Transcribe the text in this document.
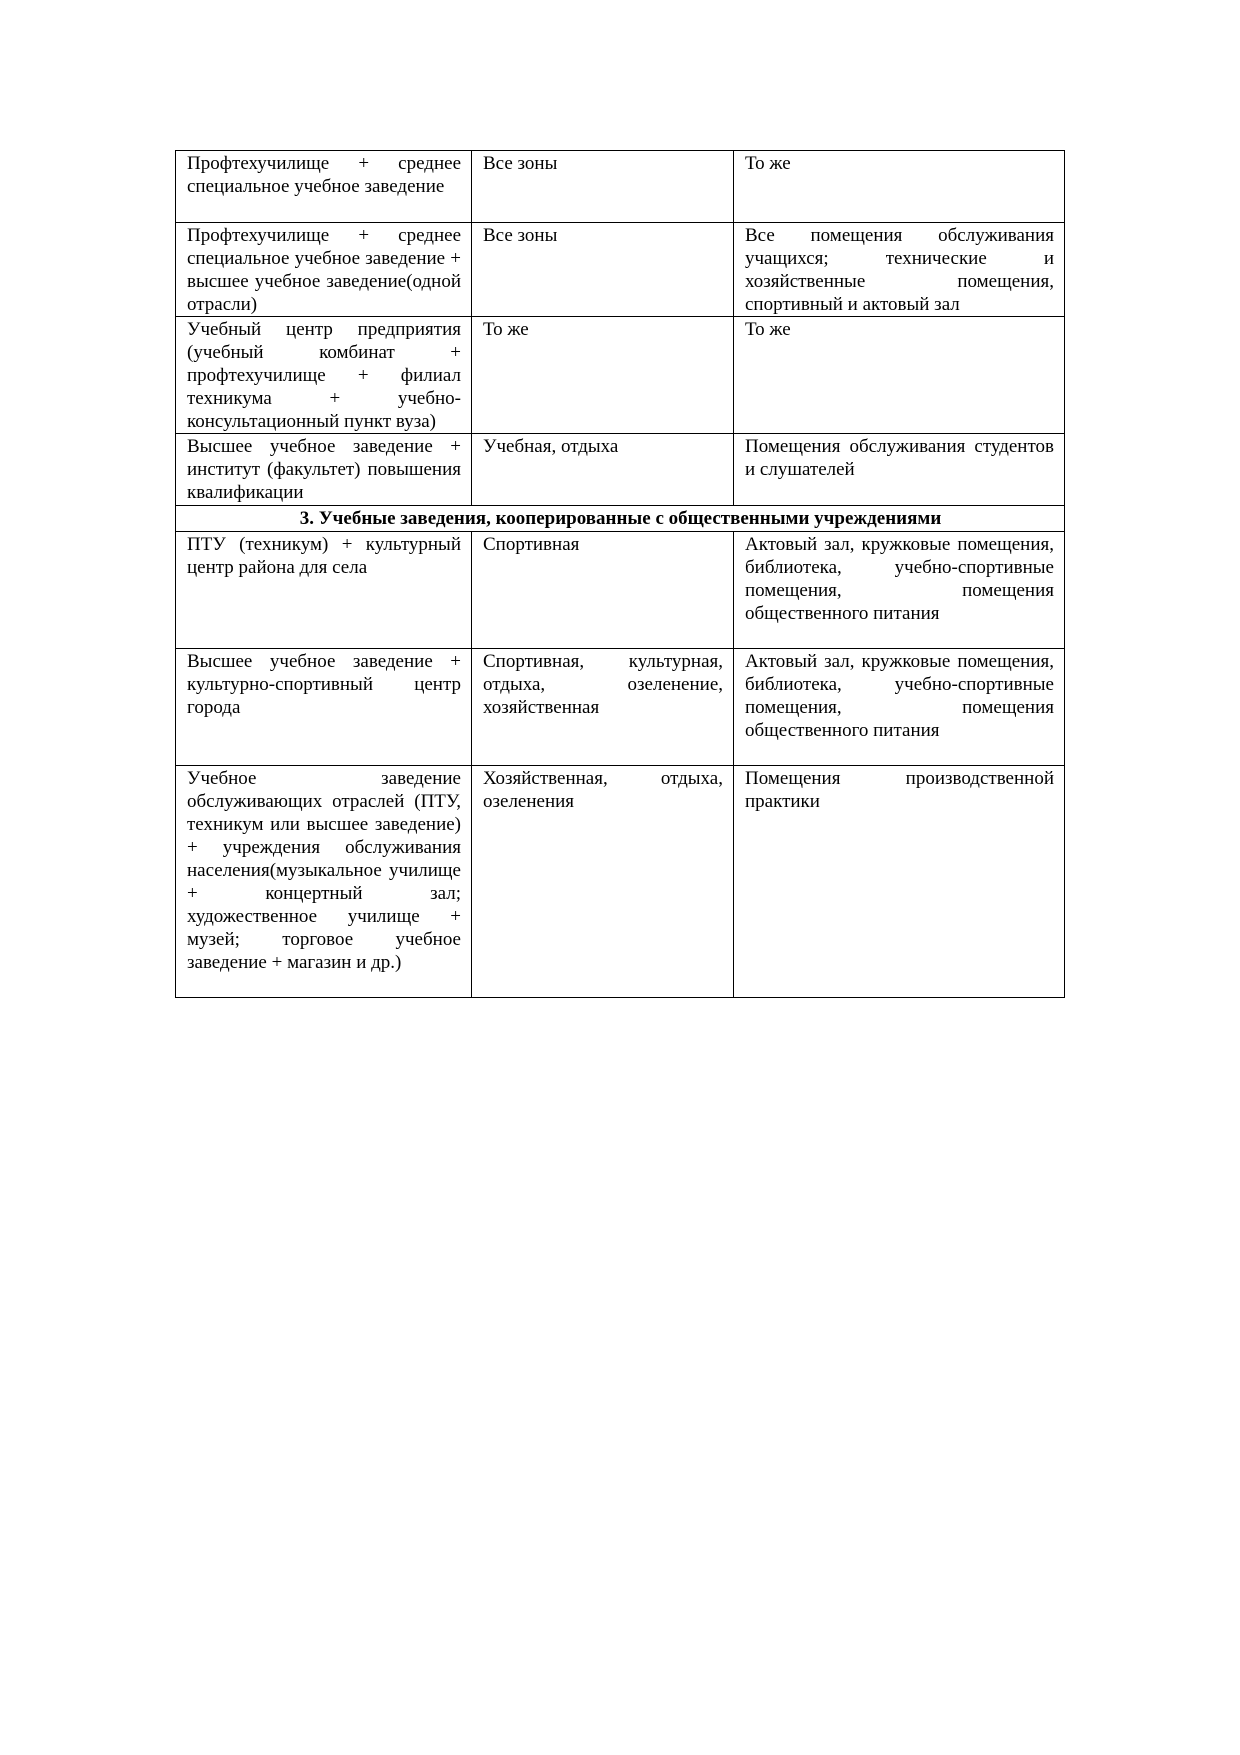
Профтехучилище + среднее специальное учебное заведение	Все зоны	То же
Профтехучилище + среднее специальное учебное заведение + высшее учебное заведение(одной отрасли)	Все зоны	Все помещения обслуживания учащихся; технические и хозяйственные помещения, спортивный и актовый зал
Учебный центр предприятия (учебный комбинат + профтехучилище + филиал техникума + учебно-консультационный пункт вуза)	То же	То же
Высшее учебное заведение + институт (факультет) повышения квалификации	Учебная, отдыха	Помещения обслуживания студентов и слушателей
3. Учебные заведения, кооперированные с общественными учреждениями		
ПТУ (техникум) + культурный центр района для села	Спортивная	Актовый зал, кружковые помещения, библиотека, учебно-спортивные помещения, помещения общественного питания
Высшее учебное заведение + культурно-спортивный центр города	Спортивная, культурная, отдыха, озеленение, хозяйственная	Актовый зал, кружковые помещения, библиотека, учебно-спортивные помещения, помещения общественного питания
Учебное заведение обслуживающих отраслей (ПТУ, техникум или высшее заведение) + учреждения обслуживания населения(музыкальное училище + концертный зал; художественное училище + музей; торговое учебное заведение + магазин и др.)	Хозяйственная, отдыха, озеленения	Помещения производственной практики
